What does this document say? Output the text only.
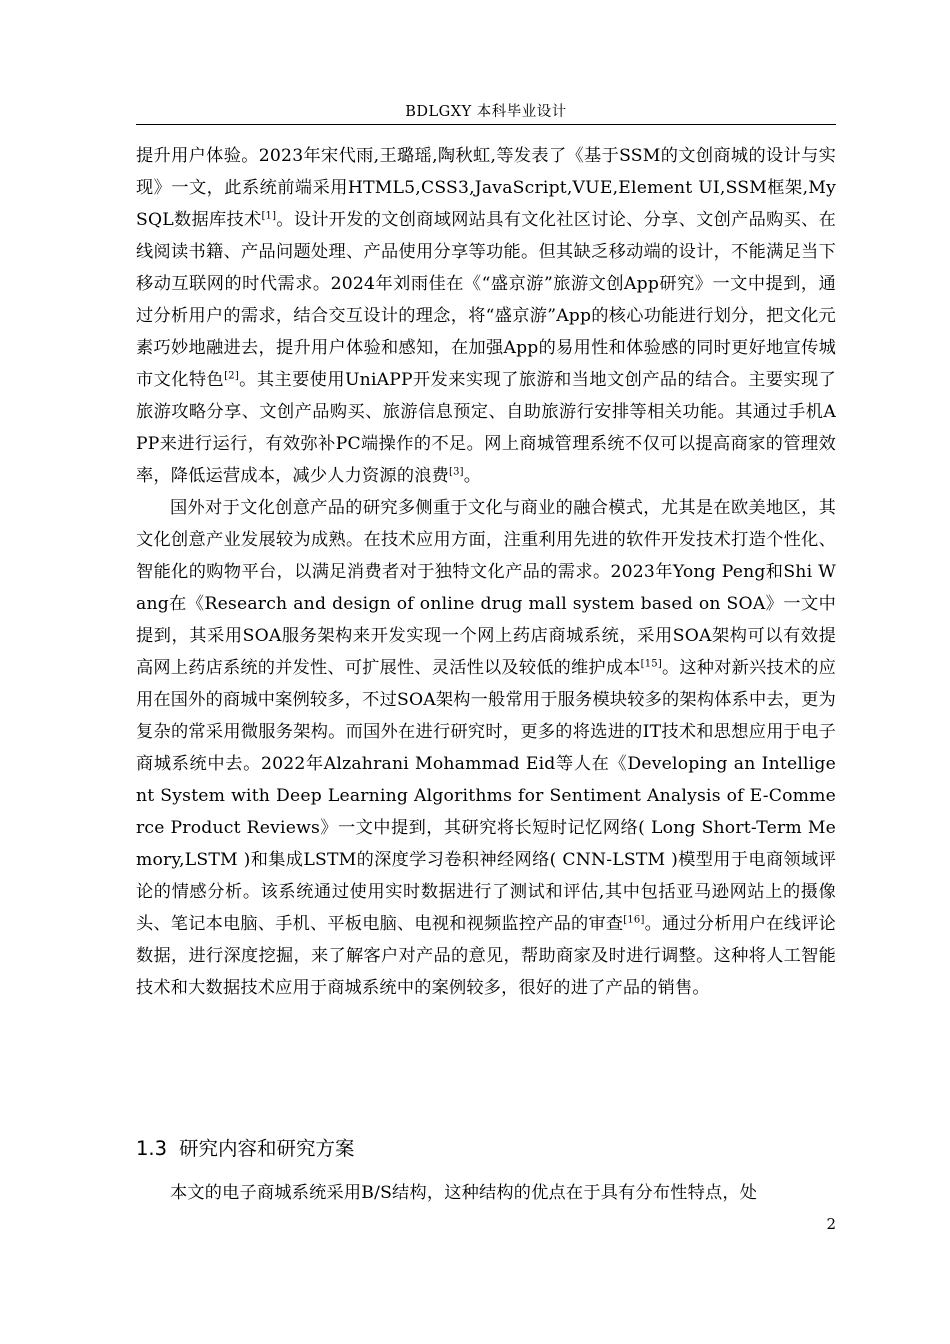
BDLGXY 本科毕业设计

提升用户体验。2023年宋代雨,王璐瑶,陶秋虹,等发表了《基于SSM的文创商城的设计与实现》一文，此系统前端采用HTML5,CSS3,JavaScript,VUE,Element UI,SSM框架,MySQL数据库技术[1]。设计开发的文创商域网站具有文化社区讨论、分享、文创产品购买、在线阅读书籍、产品问题处理、产品使用分享等功能。但其缺乏移动端的设计，不能满足当下移动互联网的时代需求。2024年刘雨佳在《“盛京游”旅游文创App研究》一文中提到，通过分析用户的需求，结合交互设计的理念，将“盛京游”App的核心功能进行划分，把文化元素巧妙地融进去，提升用户体验和感知，在加强App的易用性和体验感的同时更好地宣传城市文化特色[2]。其主要使用UniAPP开发来实现了旅游和当地文创产品的结合。主要实现了旅游攻略分享、文创产品购买、旅游信息预定、自助旅游行安排等相关功能。其通过手机APP来进行运行，有效弥补PC端操作的不足。网上商城管理系统不仅可以提高商家的管理效率，降低运营成本，减少人力资源的浪费[3]。

国外对于文化创意产品的研究多侧重于文化与商业的融合模式，尤其是在欧美地区，其文化创意产业发展较为成熟。在技术应用方面，注重利用先进的软件开发技术打造个性化、智能化的购物平台，以满足消费者对于独特文化产品的需求。2023年Yong Peng和Shi Wang在《Research and design of online drug mall system based on SOA》一文中提到，其采用SOA服务架构来开发实现一个网上药店商城系统，采用SOA架构可以有效提高网上药店系统的并发性、可扩展性、灵活性以及较低的维护成本[15]。这种对新兴技术的应用在国外的商城中案例较多，不过SOA架构一般常用于服务模块较多的架构体系中去，更为复杂的常采用微服务架构。而国外在进行研究时，更多的将选进的IT技术和思想应用于电子商城系统中去。2022年Alzahrani Mohammad Eid等人在《Developing an Intelligent System with Deep Learning Algorithms for Sentiment Analysis of E-Commerce Product Reviews》一文中提到，其研究将长短时记忆网络( Long Short-Term Memory,LSTM )和集成LSTM的深度学习卷积神经网络( CNN-LSTM )模型用于电商领域评论的情感分析。该系统通过使用实时数据进行了测试和评估,其中包括亚马逊网站上的摄像头、笔记本电脑、手机、平板电脑、电视和视频监控产品的审查[16]。通过分析用户在线评论数据，进行深度挖掘，来了解客户对产品的意见，帮助商家及时进行调整。这种将人工智能技术和大数据技术应用于商城系统中的案例较多，很好的进了产品的销售。

1.3 研究内容和研究方案

本文的电子商城系统采用B/S结构，这种结构的优点在于具有分布性特点，处

2
